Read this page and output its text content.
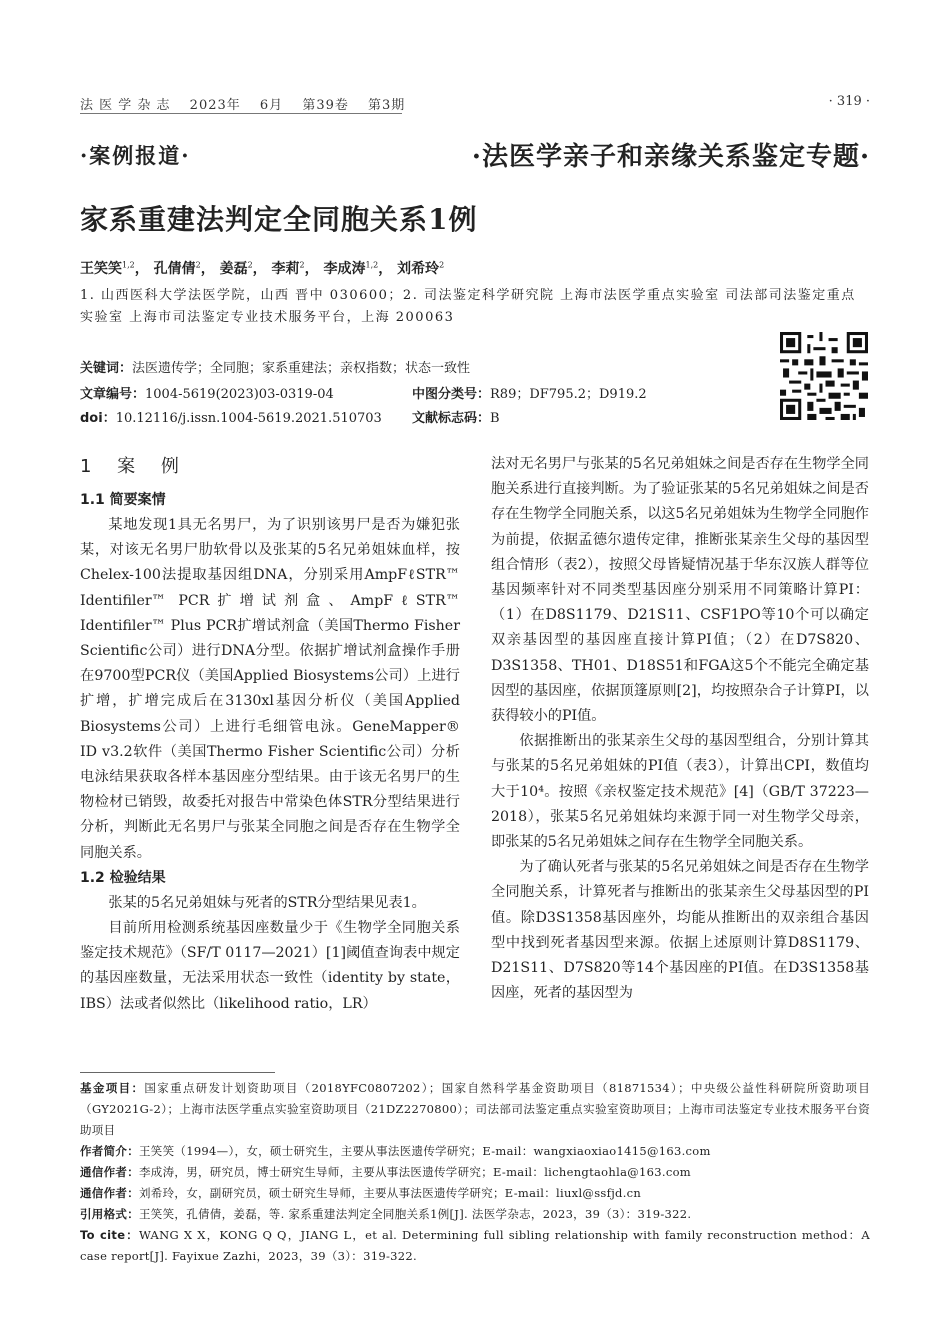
法 医 学 杂 志 2023年 6月 第39卷 第3期	· 319 ·
·案例报道·	·法医学亲子和亲缘关系鉴定专题·
家系重建法判定全同胞关系1例
王笑笑$^{1,2}$， 孔倩倩$^2$， 姜磊$^2$， 李莉$^2$， 李成涛$^{1,2}$， 刘希玲$^2$
1. 山西医科大学法医学院，山西 晋中 030600；2. 司法鉴定科学研究院 上海市法医学重点实验室 司法部司法鉴定重点实验室 上海市司法鉴定专业技术服务平台，上海 200063
关键词：法医遗传学；全同胞；家系重建法；亲权指数；状态一致性
文章编号：1004-5619(2023)03-0319-04	中图分类号：R89；DF795.2；D919.2
doi：10.12116/j.issn.1004-5619.2021.510703 文献标志码：B
1 案 例
1.1 简要案情

某地发现1具无名男尸，为了识别该男尸是否为嫌犯张某，对该无名男尸肋软骨以及张某的5名兄弟姐妹血样，按Chelex-100法提取基因组DNA，分别采用AmpFℓSTR™ Identifiler™ PCR扩增试剂盒、AmpFℓSTR™ Identifiler™ Plus PCR扩增试剂盒（美国Thermo Fisher Scientific公司）进行DNA分型。依据扩增试剂盒操作手册在9700型PCR仪（美国Applied Biosystems公司）上进行扩增，扩增完成后在3130xl基因分析仪（美国Applied Biosystems公司）上进行毛细管电泳。GeneMapper® ID v3.2软件（美国Thermo Fisher Scientific公司）分析电泳结果获取各样本基因座分型结果。由于该无名男尸的生物检材已销毁，故委托对报告中常染色体STR分型结果进行分析，判断此无名男尸与张某全同胞之间是否存在生物学全同胞关系。

1.2 检验结果

张某的5名兄弟姐妹与死者的STR分型结果见表1。

目前所用检测系统基因座数量少于《生物学全同胞关系鉴定技术规范》（SF/T 0117—2021）[1]阈值查询表中规定的基因座数量，无法采用状态一致性（identity by state，IBS）法或者似然比（likelihood ratio，LR）

法对无名男尸与张某的5名兄弟姐妹之间是否存在生物学全同胞关系进行直接判断。为了验证张某的5名兄弟姐妹之间是否存在生物学全同胞关系，以这5名兄弟姐妹为生物学全同胞作为前提，依据孟德尔遗传定律，推断张某亲生父母的基因型组合情形（表2），按照父母皆疑情况基于华东汉族人群等位基因频率针对不同类型基因座分别采用不同策略计算PI：（1）在D8S1179、D21S11、CSF1PO等10个可以确定双亲基因型的基因座直接计算PI值；（2）在D7S820、D3S1358、TH01、D18S51和FGA这5个不能完全确定基因型的基因座，依据顶篷原则[2]，均按照杂合子计算PI，以获得较小的PI值。

依据推断出的张某亲生父母的基因型组合，分别计算其与张某的5名兄弟姐妹的PI值（表3），计算出CPI，数值均大于10⁴。按照《亲权鉴定技术规范》[4]（GB/T 37223—2018），张某5名兄弟姐妹均来源于同一对生物学父母亲，即张某的5名兄弟姐妹之间存在生物学全同胞关系。

为了确认死者与张某的5名兄弟姐妹之间是否存在生物学全同胞关系，计算死者与推断出的张某亲生父母基因型的PI值。除D3S1358基因座外，均能从推断出的双亲组合基因型中找到死者基因型来源。依据上述原则计算D8S1179、D21S11、D7S820等14个基因座的PI值。在D3S1358基因座，死者的基因型为

基金项目：国家重点研发计划资助项目（2018YFC0807202）；国家自然科学基金资助项目（81871534）；中央级公益性科研院所资助项目（GY2021G-2）；上海市法医学重点实验室资助项目（21DZ2270800）；司法部司法鉴定重点实验室资助项目；上海市司法鉴定专业技术服务平台资助项目
作者简介：王笑笑（1994—），女，硕士研究生，主要从事法医遗传学研究；E-mail：wangxiaoxiao1415@163.com
通信作者：李成涛，男，研究员，博士研究生导师，主要从事法医遗传学研究；E-mail：lichengtaohla@163.com
通信作者：刘希玲，女，副研究员，硕士研究生导师，主要从事法医遗传学研究；E-mail：liuxl@ssfjd.cn
引用格式：王笑笑，孔倩倩，姜磊，等. 家系重建法判定全同胞关系1例[J]. 法医学杂志，2023，39（3）：319-322.
To cite：WANG X X，KONG Q Q，JIANG L，et al. Determining full sibling relationship with family reconstruction method：A case report[J]. Fayixue Zazhi，2023，39（3）：319-322.
